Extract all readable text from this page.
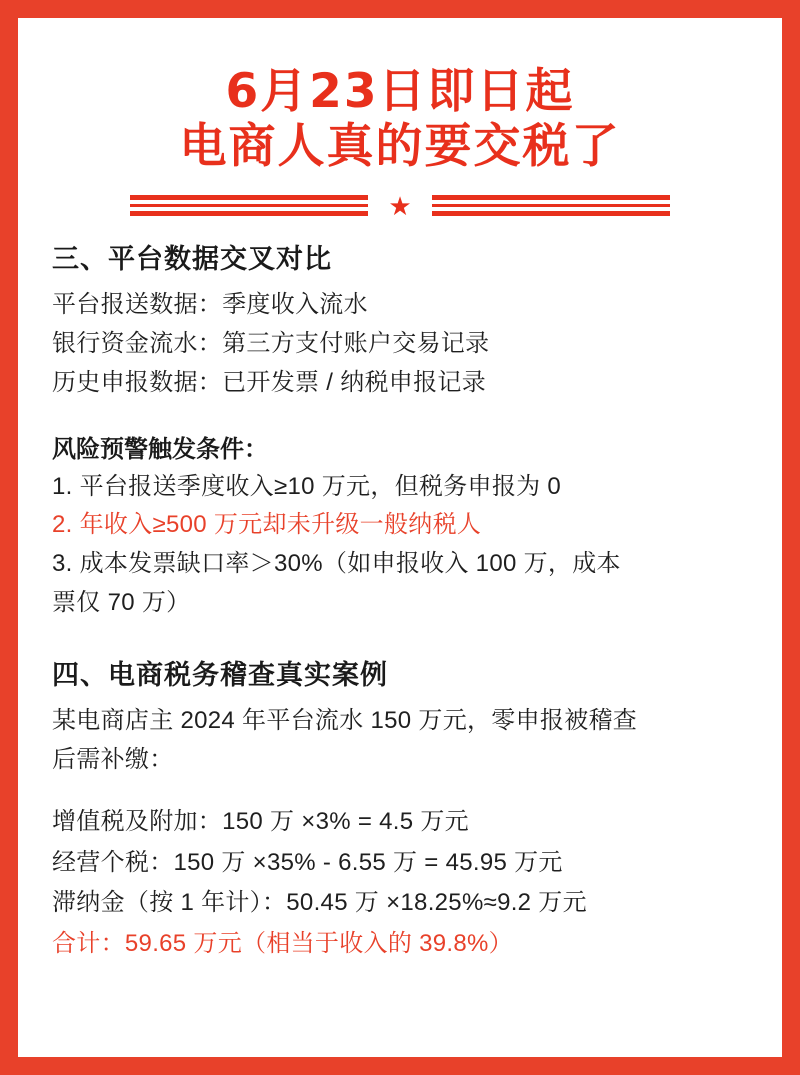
6月23日即日起
电商人真的要交税了
★
三、平台数据交叉对比
平台报送数据：季度收入流水
银行资金流水：第三方支付账户交易记录
历史申报数据：已开发票 / 纳税申报记录
风险预警触发条件：
1. 平台报送季度收入≥10 万元，但税务申报为 0
2. 年收入≥500 万元却未升级一般纳税人
3. 成本发票缺口率＞30%（如申报收入 100 万，成本
票仅 70 万）
四、电商税务稽查真实案例
某电商店主 2024 年平台流水 150 万元，零申报被稽查
后需补缴：
增值税及附加：150 万 ×3% = 4.5 万元
经营个税：150 万 ×35% - 6.55 万 = 45.95 万元
滞纳金（按 1 年计）：50.45 万 ×18.25%≈9.2 万元
合计：59.65 万元（相当于收入的 39.8%）
